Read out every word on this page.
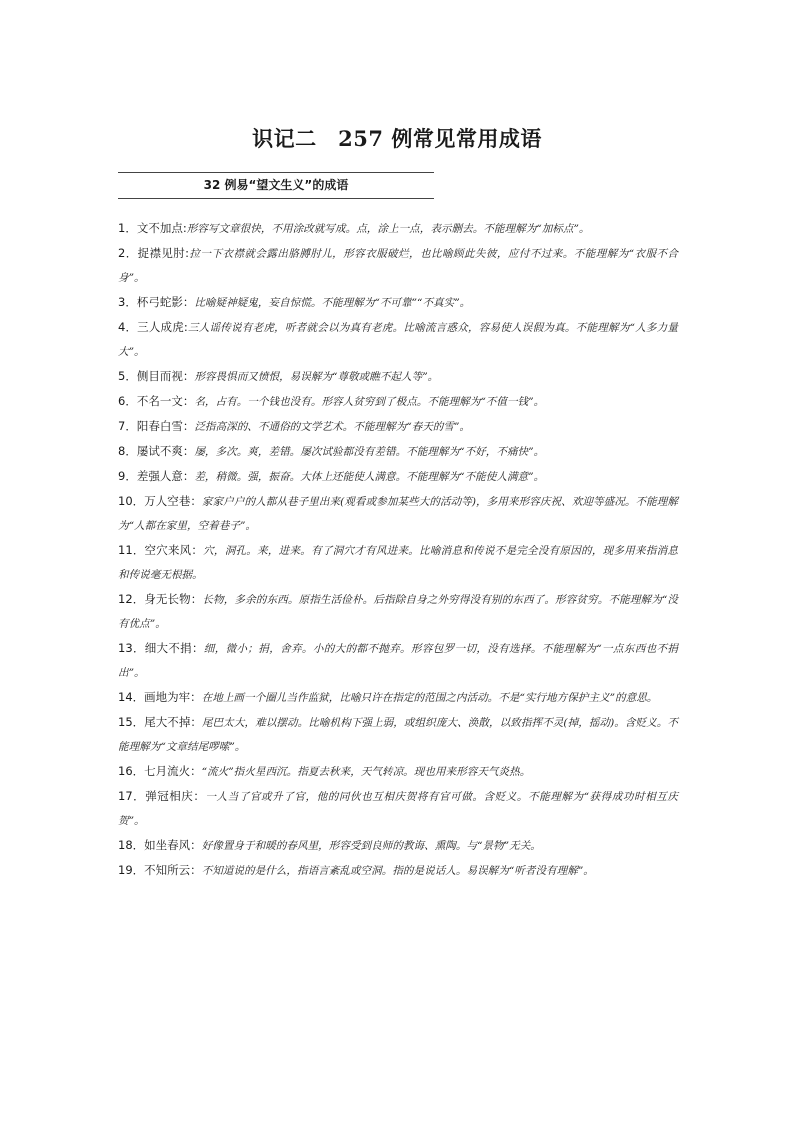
识记二　257 例常见常用成语
32 例易“望文生义”的成语

1．文不加点:形容写文章很快，不用涂改就写成。点，涂上一点，表示删去。不能理解为“加标点”。

2．捉襟见肘:拉一下衣襟就会露出胳膊肘儿，形容衣服破烂，也比喻顾此失彼，应付不过来。不能理解为“衣服不合身”。

3．杯弓蛇影：比喻疑神疑鬼，妄自惊慌。不能理解为“不可靠”“不真实”。

4．三人成虎:三人谣传说有老虎，听者就会以为真有老虎。比喻流言惑众，容易使人误假为真。不能理解为“人多力量大”。

5．侧目而视：形容畏惧而又愤恨，易误解为“尊敬或瞧不起人等”。

6．不名一文：名，占有。一个钱也没有。形容人贫穷到了极点。不能理解为“不值一钱”。

7．阳春白雪：泛指高深的、不通俗的文学艺术。不能理解为“春天的雪”。

8．屡试不爽：屡，多次。爽，差错。屡次试验都没有差错。不能理解为“不好，不痛快”。

9．差强人意：差，稍微。强，振奋。大体上还能使人满意。不能理解为“不能使人满意”。

10．万人空巷：家家户户的人都从巷子里出来(观看或参加某些大的活动等)，多用来形容庆祝、欢迎等盛况。不能理解为“人都在家里，空着巷子”。

11．空穴来风：穴，洞孔。来，进来。有了洞穴才有风进来。比喻消息和传说不是完全没有原因的，现多用来指消息和传说毫无根据。

12．身无长物：长物，多余的东西。原指生活俭朴。后指除自身之外穷得没有别的东西了。形容贫穷。不能理解为“没有优点”。

13．细大不捐：细，微小；捐，舍弃。小的大的都不抛弃。形容包罗一切，没有选择。不能理解为“一点东西也不捐出”。

14．画地为牢：在地上画一个圈儿当作监狱，比喻只许在指定的范围之内活动。不是“实行地方保护主义”的意思。

15．尾大不掉：尾巴太大，难以摆动。比喻机构下强上弱，或组织庞大、涣散，以致指挥不灵(掉，摇动)。含贬义。不能理解为“文章结尾啰嗦”。

16．七月流火：“流火”指火星西沉。指夏去秋来，天气转凉。现也用来形容天气炎热。

17．弹冠相庆：一人当了官或升了官，他的同伙也互相庆贺将有官可做。含贬义。不能理解为“获得成功时相互庆贺”。

18．如坐春风：好像置身于和暖的春风里，形容受到良师的教诲、熏陶。与“景物”无关。

19．不知所云：不知道说的是什么，指语言紊乱或空洞。指的是说话人。易误解为“听者没有理解”。
